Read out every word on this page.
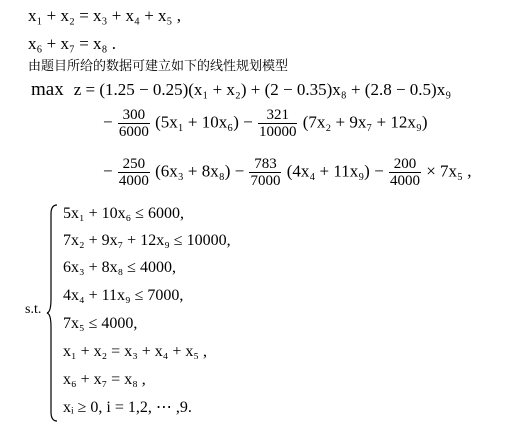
x₁ + x₂ = x₃ + x₄ + x₅ ,
x₆ + x₇ = x₈ .
由题目所给的数据可建立如下的线性规划模型
max z = (1.25 − 0.25)(x₁ + x₂) + (2 − 0.35)x₈ + (2.8 − 0.5)x₉
− $\frac{300}{6000} (5x_1 + 10x_6) - \frac{321}{10000} (7x_2 + 9x_7 + 12x_9)$
− $\frac{250}{4000} (6x_3 + 8x_8) - \frac{783}{7000} (4x_4 + 11x_9) - \frac{200}{4000} \times 7x_5$ ,
s.t.
5x₁ + 10x₆ ≤ 6000,
7x₂ + 9x₇ + 12x₉ ≤ 10000,
6x₃ + 8x₈ ≤ 4000,
4x₄ + 11x₉ ≤ 7000,
7x₅ ≤ 4000,
x₁ + x₂ = x₃ + x₄ + x₅ ,
x₆ + x₇ = x₈ ,
xᵢ ≥ 0, i = 1,2, ⋯ ,9.
